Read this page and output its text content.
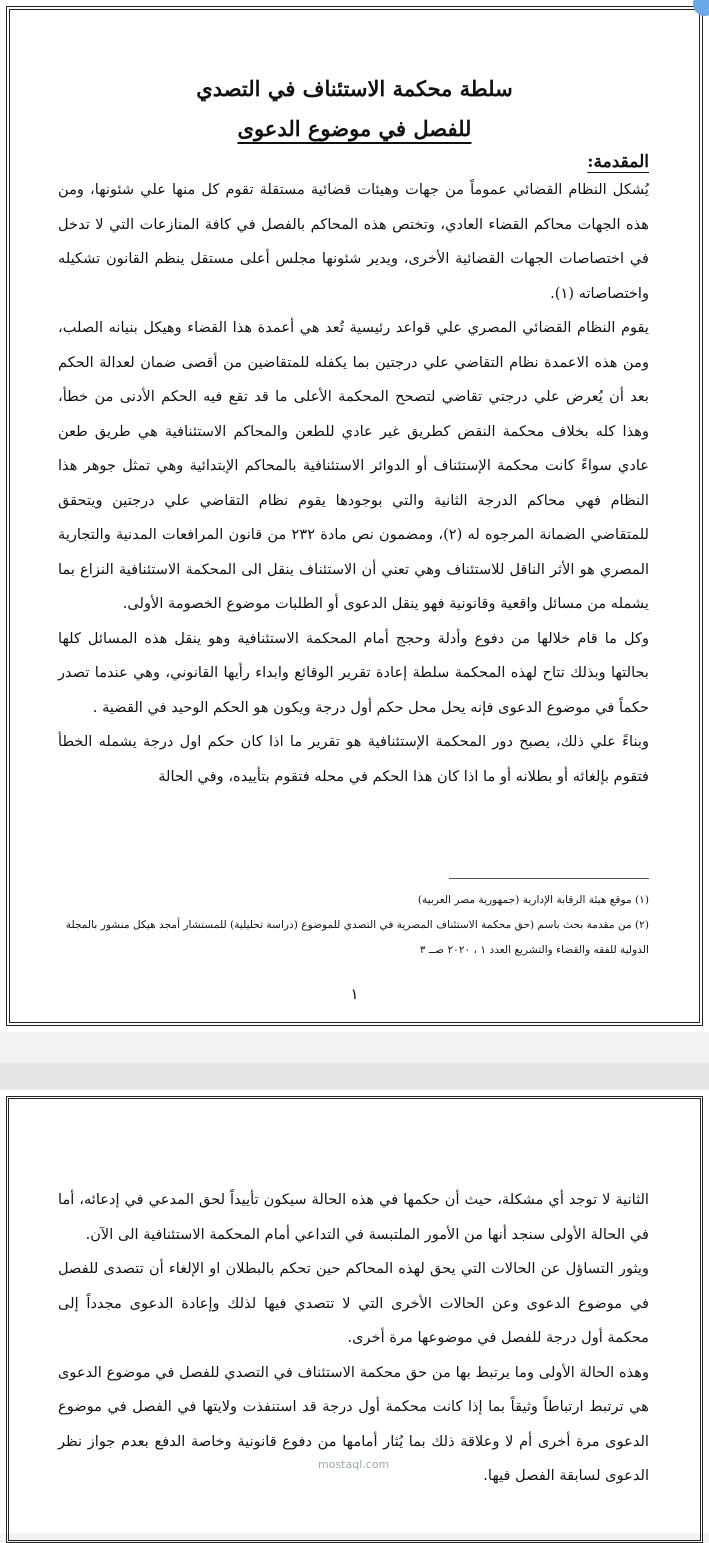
سلطة محكمة الاستئناف في التصدي
للفصل في موضوع الدعوى
المقدمة:

يُشكل النظام القضائي عموماً من جهات وهيئات قضائية مستقلة تقوم كل منها علي شئونها، ومن هذه الجهات محاكم القضاء العادي، وتختص هذه المحاكم بالفصل في كافة المنازعات التي لا تدخل في اختصاصات الجهات القضائية الأخرى، ويدير شئونها مجلس أعلى مستقل ينظم القانون تشكيله واختصاصاته (١).

يقوم النظام القضائي المصري علي قواعد رئيسية تُعد هي أعمدة هذا القضاء وهيكل بنيانه الصلب، ومن هذه الاعمدة نظام التقاضي علي درجتين بما يكفله للمتقاضين من أقصى ضمان لعدالة الحكم بعد أن يُعرض علي درجتي تقاضي لتصحح المحكمة الأعلى ما قد تقع فيه الحكم الأدنى من خطأ، وهذا كله بخلاف محكمة النقض كطريق غير عادي للطعن والمحاكم الاستئنافية هي طريق طعن عادي سواءً كانت محكمة الإستئناف أو الدوائر الاستئنافية بالمحاكم الإبتدائية وهي تمثل جوهر هذا النظام فهي محاكم الدرجة الثانية والتي بوجودها يقوم نظام التقاضي علي درجتين ويتحقق للمتقاضي الضمانة المرجوه له (٢)، ومضمون نص مادة ٢٣٢ من قانون المرافعات المدنية والتجارية المصري هو الأثر الناقل للاستئناف وهي تعني أن الاستئناف ينقل الى المحكمة الاستئنافية النزاع بما يشمله من مسائل واقعية وقانونية فهو ينقل الدعوى أو الطلبات موضوع الخصومة الأولى.

وكل ما قام خلالها من دفوع وأدلة وحجج أمام المحكمة الاستئنافية وهو ينقل هذه المسائل كلها بحالتها وبذلك تتاح لهذه المحكمة سلطة إعادة تقرير الوقائع وابداء رأيها القانوني، وهي عندما تصدر حكماً في موضوع الدعوى فإنه يحل محل حكم أول درجة ويكون هو الحكم الوحيد في القضية .

وبناءً علي ذلك، يصبح دور المحكمة الإستئنافية هو تقرير ما اذا كان حكم اول درجة يشمله الخطأ فتقوم بإلغائه أو بطلانه أو ما اذا كان هذا الحكم في محله فتقوم بتأييده، وفي الحالة

(١) موقع هيئة الرقابة الإدارية (جمهورية مصر العربية)

(٢) من مقدمة بحث باسم (حق محكمة الاستئناف المصرية في التصدي للموضوع (دراسة تحليلية) للمستشار أمجد هيكل منشور بالمجلة الدولية للفقه والقضاء والتشريع العدد ١ ، ٢٠٢٠ صــ ٣

١

الثانية لا توجد أي مشكلة، حيث أن حكمها في هذه الحالة سيكون تأييداً لحق المدعي في إدعائه، أما في الحالة الأولى سنجد أنها من الأمور الملتبسة في التداعي أمام المحكمة الاستئنافية الى الآن.

ويثور التساؤل عن الحالات التي يحق لهذه المحاكم حين تحكم بالبطلان او الإلغاء أن تتصدى للفصل في موضوع الدعوى وعن الحالات الأخرى التي لا تتصدي فيها لذلك وإعادة الدعوى مجدداً إلى محكمة أول درجة للفصل في موضوعها مرة أخرى.

وهذه الحالة الأولى وما يرتبط بها من حق محكمة الاستئناف في التصدي للفصل في موضوع الدعوى هي ترتبط ارتباطاً وثيقاً بما إذا كانت محكمة أول درجة قد استنفذت ولايتها في الفصل في موضوع الدعوى مرة أخرى أم لا وعلاقة ذلك بما يُثار أمامها من دفوع قانونية وخاصة الدفع بعدم جواز نظر الدعوى لسابقة الفصل فيها.

mostaql.com
